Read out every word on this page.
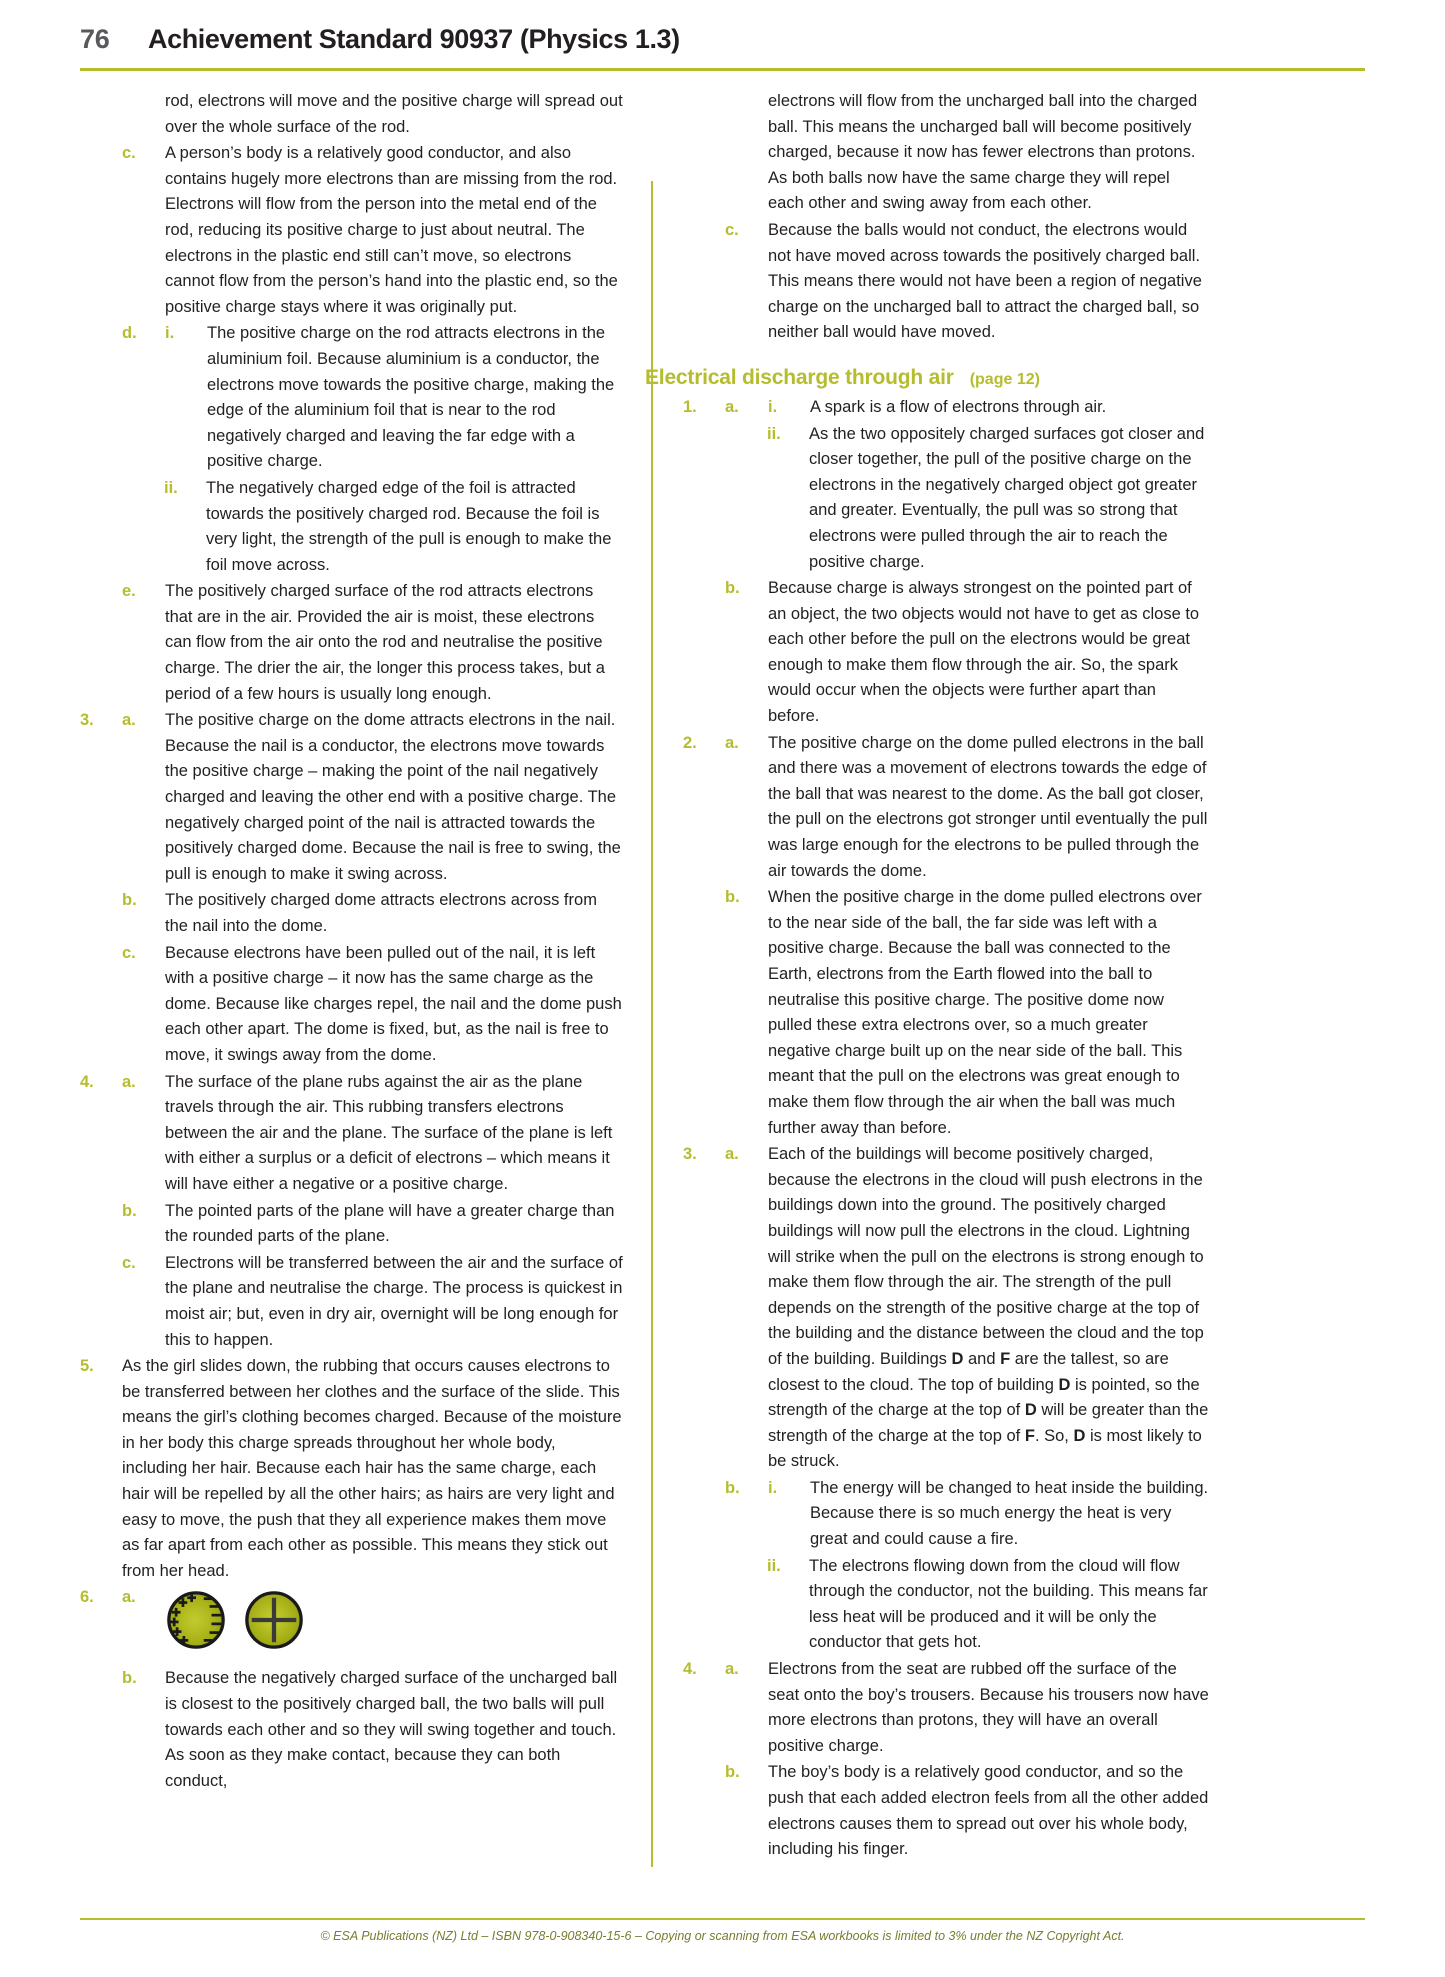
76	Achievement Standard 90937 (Physics 1.3)
rod, electrons will move and the positive charge will spread out over the whole surface of the rod.
c.	A person’s body is a relatively good conductor, and also contains hugely more electrons than are missing from the rod. Electrons will flow from the person into the metal end of the rod, reducing its positive charge to just about neutral. The electrons in the plastic end still can’t move, so electrons cannot flow from the person’s hand into the plastic end, so the positive charge stays where it was originally put.
d.	i.	The positive charge on the rod attracts electrons in the aluminium foil. Because aluminium is a conductor, the electrons move towards the positive charge, making the edge of the aluminium foil that is near to the rod negatively charged and leaving the far edge with a positive charge.
ii.	The negatively charged edge of the foil is attracted towards the positively charged rod. Because the foil is very light, the strength of the pull is enough to make the foil move across.
e.	The positively charged surface of the rod attracts electrons that are in the air. Provided the air is moist, these electrons can flow from the air onto the rod and neutralise the positive charge. The drier the air, the longer this process takes, but a period of a few hours is usually long enough.
3.	a.	The positive charge on the dome attracts electrons in the nail. Because the nail is a conductor, the electrons move towards the positive charge – making the point of the nail negatively charged and leaving the other end with a positive charge. The negatively charged point of the nail is attracted towards the positively charged dome. Because the nail is free to swing, the pull is enough to make it swing across.
b.	The positively charged dome attracts electrons across from the nail into the dome.
c.	Because electrons have been pulled out of the nail, it is left with a positive charge – it now has the same charge as the dome. Because like charges repel, the nail and the dome push each other apart. The dome is fixed, but, as the nail is free to move, it swings away from the dome.
4.	a.	The surface of the plane rubs against the air as the plane travels through the air. This rubbing transfers electrons between the air and the plane. The surface of the plane is left with either a surplus or a deficit of electrons – which means it will have either a negative or a positive charge.
b.	The pointed parts of the plane will have a greater charge than the rounded parts of the plane.
c.	Electrons will be transferred between the air and the surface of the plane and neutralise the charge. The process is quickest in moist air; but, even in dry air, overnight will be long enough for this to happen.
5.	As the girl slides down, the rubbing that occurs causes electrons to be transferred between her clothes and the surface of the slide. This means the girl’s clothing becomes charged. Because of the moisture in her body this charge spreads throughout her whole body, including her hair. Because each hair has the same charge, each hair will be repelled by all the other hairs; as hairs are very light and easy to move, the push that they all experience makes them move as far apart from each other as possible. This means they stick out from her head.
6.	a.
b.	Because the negatively charged surface of the uncharged ball is closest to the positively charged ball, the two balls will pull towards each other and so they will swing together and touch. As soon as they make contact, because they can both conduct,
electrons will flow from the uncharged ball into the charged ball. This means the uncharged ball will become positively charged, because it now has fewer electrons than protons. As both balls now have the same charge they will repel each other and swing away from each other.
c.	Because the balls would not conduct, the electrons would not have moved across towards the positively charged ball. This means there would not have been a region of negative charge on the uncharged ball to attract the charged ball, so neither ball would have moved.
Electrical discharge through air (page 12)
1.	a.	i.	A spark is a flow of electrons through air.
ii.	As the two oppositely charged surfaces got closer and closer together, the pull of the positive charge on the electrons in the negatively charged object got greater and greater. Eventually, the pull was so strong that electrons were pulled through the air to reach the positive charge.
b.	Because charge is always strongest on the pointed part of an object, the two objects would not have to get as close to each other before the pull on the electrons would be great enough to make them flow through the air. So, the spark would occur when the objects were further apart than before.
2.	a.	The positive charge on the dome pulled electrons in the ball and there was a movement of electrons towards the edge of the ball that was nearest to the dome. As the ball got closer, the pull on the electrons got stronger until eventually the pull was large enough for the electrons to be pulled through the air towards the dome.
b.	When the positive charge in the dome pulled electrons over to the near side of the ball, the far side was left with a positive charge. Because the ball was connected to the Earth, electrons from the Earth flowed into the ball to neutralise this positive charge. The positive dome now pulled these extra electrons over, so a much greater negative charge built up on the near side of the ball. This meant that the pull on the electrons was great enough to make them flow through the air when the ball was much further away than before.
3.	a.	Each of the buildings will become positively charged, because the electrons in the cloud will push electrons in the buildings down into the ground. The positively charged buildings will now pull the electrons in the cloud. Lightning will strike when the pull on the electrons is strong enough to make them flow through the air. The strength of the pull depends on the strength of the positive charge at the top of the building and the distance between the cloud and the top of the building. Buildings D and F are the tallest, so are closest to the cloud. The top of building D is pointed, so the strength of the charge at the top of D will be greater than the strength of the charge at the top of F. So, D is most likely to be struck.
b.	i.	The energy will be changed to heat inside the building. Because there is so much energy the heat is very great and could cause a fire.
ii.	The electrons flowing down from the cloud will flow through the conductor, not the building. This means far less heat will be produced and it will be only the conductor that gets hot.
4.	a.	Electrons from the seat are rubbed off the surface of the seat onto the boy’s trousers. Because his trousers now have more electrons than protons, they will have an overall positive charge.
b.	The boy’s body is a relatively good conductor, and so the push that each added electron feels from all the other added electrons causes them to spread out over his whole body, including his finger.
© ESA Publications (NZ) Ltd – ISBN 978-0-908340-15-6 – Copying or scanning from ESA workbooks is limited to 3% under the NZ Copyright Act.
